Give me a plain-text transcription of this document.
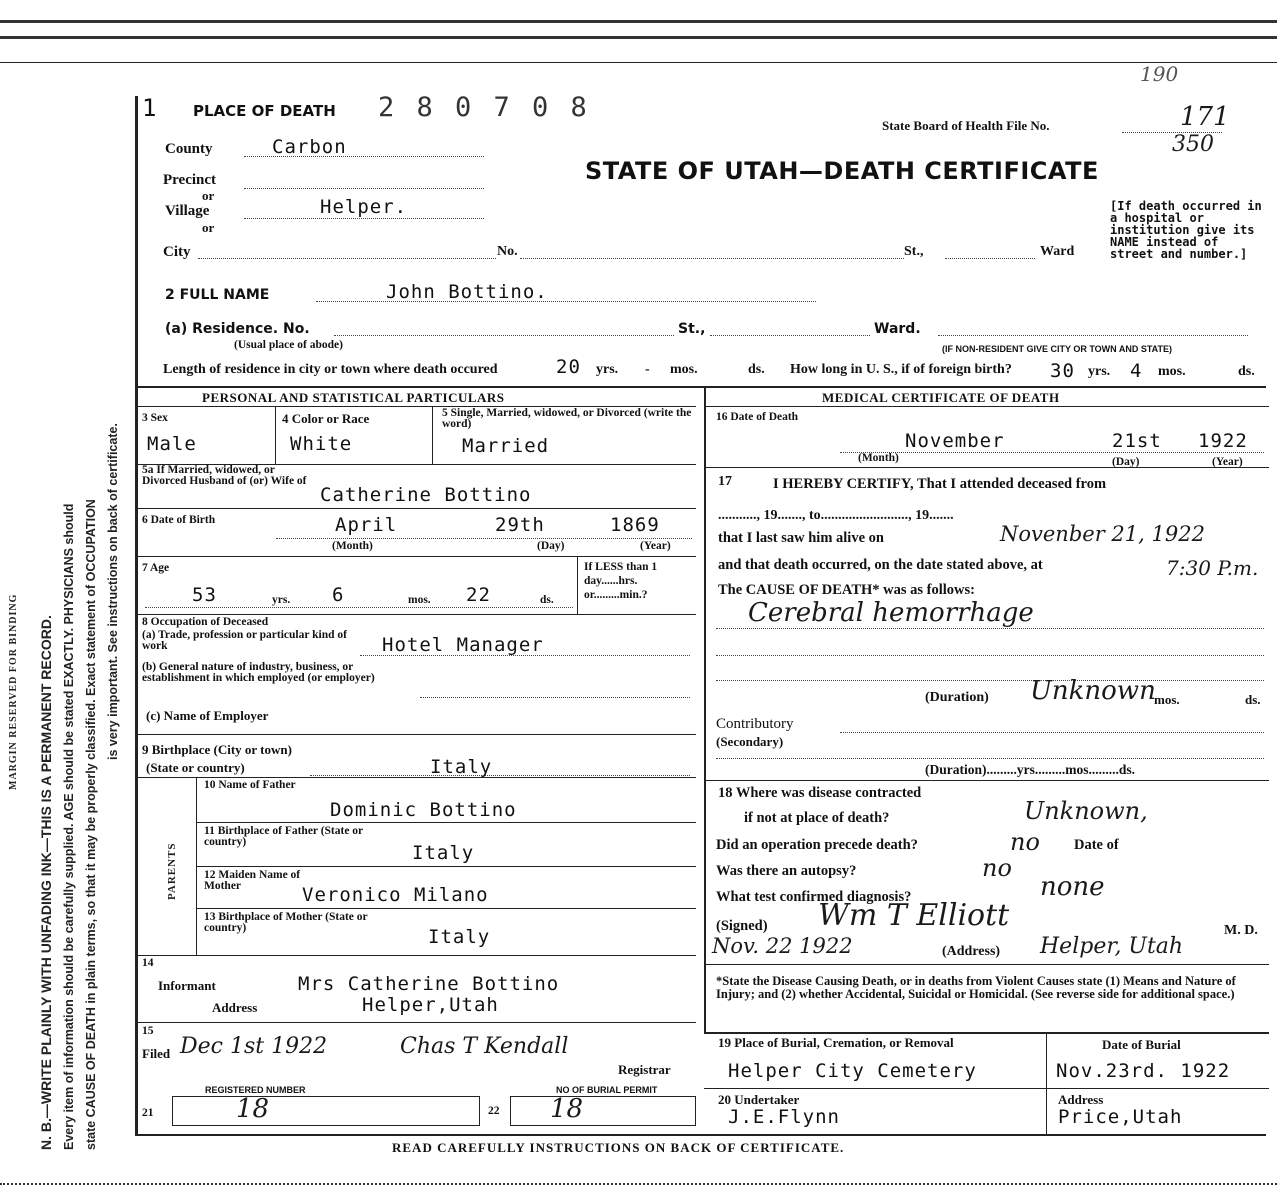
MARGIN RESERVED FOR BINDING N. B.—WRITE PLAINLY WITH UNFADING INK—THIS IS A PERMANENT RECORD. Every item of information should be carefully supplied. AGE should be stated EXACTLY. PHYSICIANS should state CAUSE OF DEATH in plain terms, so that it may be properly classified. Exact statement of OCCUPATION is very important. See instructions on back of certificate.
1 PLACE OF DEATH 2 8 0 7 0 8
State Board of Health File No.	171
350
190
STATE OF UTAH—DEATH CERTIFICATE
[If death occurred in a hospital or institution give its NAME instead of street and number.]
County	Carbon
Precinct
or
Village	Helper.
or
City	No.	St.,	Ward
2 FULL NAME	John Bottino.
(a) Residence. No.	St.,	Ward.
(Usual place of abode)	(IF NON-RESIDENT GIVE CITY OR TOWN AND STATE)
Length of residence in city or town where death occured	20 yrs. - mos.	ds. How long in U. S., if of foreign birth? 30 yrs. 4 mos.	ds.
PERSONAL AND STATISTICAL PARTICULARS
3 Sex
Male
4 Color or Race
White
5 Single, Married, widowed, or Divorced (write the word)
Married
5a If Married, widowed, or Divorced Husband of (or) Wife of
Catherine Bottino
6 Date of Birth	April	29th	1869
(Month)	(Day)	(Year)
7 Age
53	yrs. 6	mos. 22	ds.
If LESS than 1 day......hrs. or.........min.?
8 Occupation of Deceased
(a) Trade, profession or particular kind of work	Hotel Manager
(b) General nature of industry, business, or establishment in which employed (or employer)
(c) Name of Employer
9 Birthplace (City or town)
(State or country)	Italy
PARENTS
10 Name of Father
Dominic Bottino
11 Birthplace of Father (State or country)	Italy
12 Maiden Name of Mother	Veronico Milano
13 Birthplace of Mother (State or country)	Italy
14
Informant	Mrs Catherine Bottino
Address	Helper,Utah
15
Filed Dec 1st 1922	Chas T Kendall
Registrar
REGISTERED NUMBER
21	18
NO OF BURIAL PERMIT
22 18
MEDICAL CERTIFICATE OF DEATH
16 Date of Death
November	21st 1922
(Month)	(Day)	(Year)
17	I HEREBY CERTIFY, That I attended deceased from
..........., 19......., to........................., 19.......
that I last saw him alive on	Novenber 21, 1922
and that death occurred, on the date stated above, at	7:30 P.m.
The CAUSE OF DEATH* was as follows:
Cerebral hemorrhage
(Duration) Unknown
mos.	ds.
Contributory
(Secondary)
(Duration).........yrs.........mos.........ds.
18 Where was disease contracted
if not at place of death?	Unknown,
Did an operation precede death?	no Date of
Was there an autopsy?	no
What test confirmed diagnosis?	none
(Signed) Wm T Elliott	M. D.
Nov. 22 1922	(Address) Helper, Utah
*State the Disease Causing Death, or in deaths from Violent Causes state (1) Means and Nature of Injury; and (2) whether Accidental, Suicidal or Homicidal. (See reverse side for additional space.)
19 Place of Burial, Cremation, or Removal
Helper City Cemetery
Date of Burial
Nov.23rd. 1922
20 Undertaker
J.E.Flynn
Address
Price,Utah
READ CAREFULLY INSTRUCTIONS ON BACK OF CERTIFICATE.
